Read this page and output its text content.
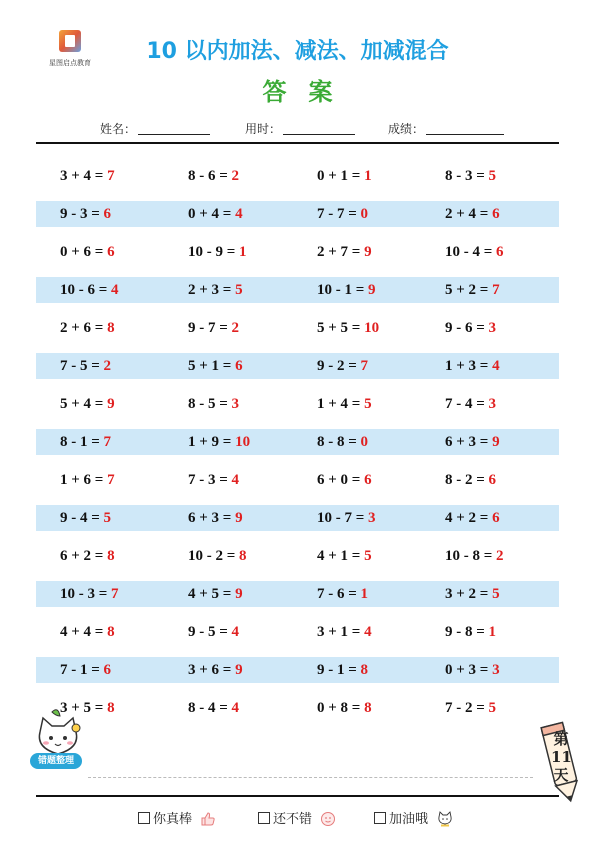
星图启点教育	10 以内加法、减法、加减混合
答案
姓名：	用时：	成绩：
3 + 4 = 7	8 - 6 = 2	0 + 1 = 1	8 - 3 = 5
9 - 3 = 6	0 + 4 = 4	7 - 7 = 0	2 + 4 = 6
0 + 6 = 6	10 - 9 = 1	2 + 7 = 9	10 - 4 = 6
10 - 6 = 4	2 + 3 = 5	10 - 1 = 9	5 + 2 = 7
2 + 6 = 8	9 - 7 = 2	5 + 5 = 10	9 - 6 = 3
7 - 5 = 2	5 + 1 = 6	9 - 2 = 7	1 + 3 = 4
5 + 4 = 9	8 - 5 = 3	1 + 4 = 5	7 - 4 = 3
8 - 1 = 7	1 + 9 = 10	8 - 8 = 0	6 + 3 = 9
1 + 6 = 7	7 - 3 = 4	6 + 0 = 6	8 - 2 = 6
9 - 4 = 5	6 + 3 = 9	10 - 7 = 3	4 + 2 = 6
6 + 2 = 8	10 - 2 = 8	4 + 1 = 5	10 - 8 = 2
10 - 3 = 7	4 + 5 = 9	7 - 6 = 1	3 + 2 = 5
4 + 4 = 8	9 - 5 = 4	3 + 1 = 4	9 - 8 = 1
7 - 1 = 6	3 + 6 = 9	9 - 1 = 8	0 + 3 = 3
3 + 5 = 8	8 - 4 = 4	0 + 8 = 8	7 - 2 = 5
错题整理
第11天
你真棒	还不错	加油哦
